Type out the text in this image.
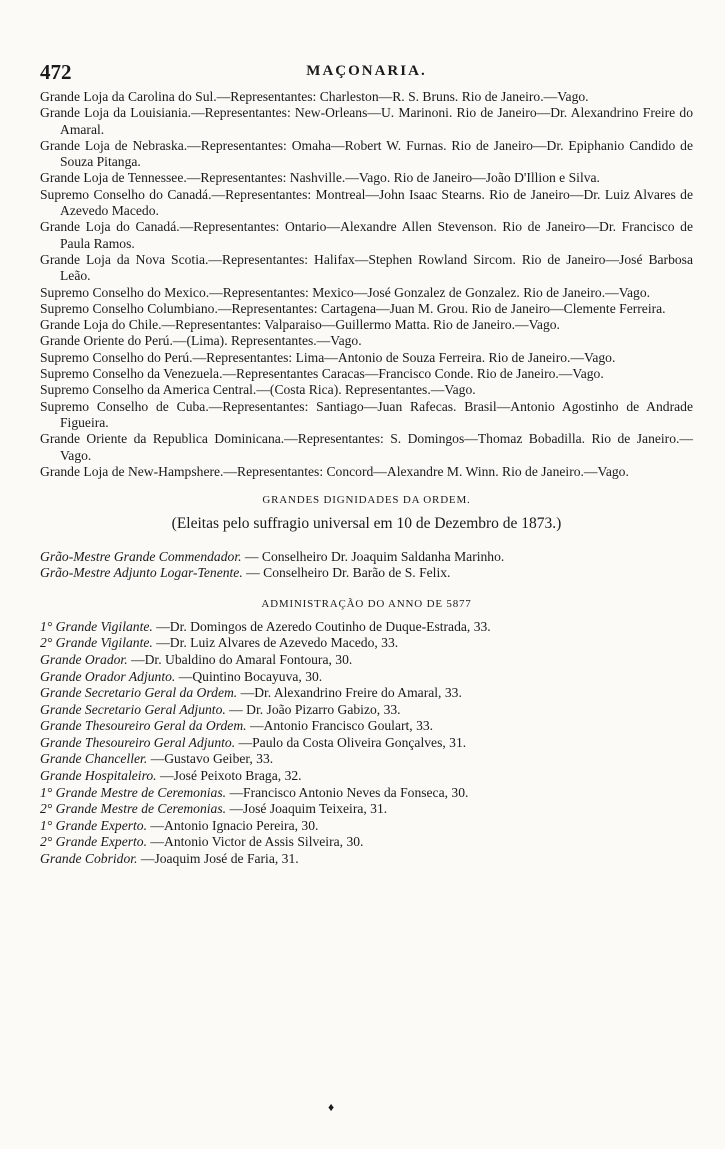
472	MAÇONARIA.

Grande Loja da Carolina do Sul.—Representantes: Charleston—R. S. Bruns. Rio de Janeiro.—Vago.

Grande Loja da Louisiania.—Representantes: New-Orleans—U. Marinoni. Rio de Janeiro—Dr. Alexandrino Freire do Amaral.

Grande Loja de Nebraska.—Representantes: Omaha—Robert W. Furnas. Rio de Janeiro—Dr. Epiphanio Candido de Souza Pitanga.

Grande Loja de Tennessee.—Representantes: Nashville.—Vago. Rio de Janeiro—João D'Illion e Silva.

Supremo Conselho do Canadá.—Representantes: Montreal—John Isaac Stearns. Rio de Janeiro—Dr. Luiz Alvares de Azevedo Macedo.

Grande Loja do Canadá.—Representantes: Ontario—Alexandre Allen Stevenson. Rio de Janeiro—Dr. Francisco de Paula Ramos.

Grande Loja da Nova Scotia.—Representantes: Halifax—Stephen Rowland Sircom. Rio de Janeiro—José Barbosa Leão.

Supremo Conselho do Mexico.—Representantes: Mexico—José Gonzalez de Gonzalez. Rio de Janeiro.—Vago.

Supremo Conselho Columbiano.—Representantes: Cartagena—Juan M. Grou. Rio de Janeiro—Clemente Ferreira.

Grande Loja do Chile.—Representantes: Valparaiso—Guillermo Matta. Rio de Janeiro.—Vago.

Grande Oriente do Perú.—(Lima). Representantes.—Vago.

Supremo Conselho do Perú.—Representantes: Lima—Antonio de Souza Ferreira. Rio de Janeiro.—Vago.

Supremo Conselho da Venezuela.—Representantes Caracas—Francisco Conde. Rio de Janeiro.—Vago.

Supremo Conselho da America Central.—(Costa Rica). Representantes.—Vago.

Supremo Conselho de Cuba.—Representantes: Santiago—Juan Rafecas. Brasil—Antonio Agostinho de Andrade Figueira.

Grande Oriente da Republica Dominicana.—Representantes: S. Domingos—Thomaz Bobadilla. Rio de Janeiro.—Vago.

Grande Loja de New-Hampshere.—Representantes: Concord—Alexandre M. Winn. Rio de Janeiro.—Vago.

GRANDES DIGNIDADES DA ORDEM.
(Eleitas pelo suffragio universal em 10 de Dezembro de 1873.)

Grão-Mestre Grande Commendador. — Conselheiro Dr. Joaquim Saldanha Marinho.

Grão-Mestre Adjunto Logar-Tenente. — Conselheiro Dr. Barão de S. Felix.

ADMINISTRAÇÃO DO ANNO DE 5877

1° Grande Vigilante. —Dr. Domingos de Azeredo Coutinho de Duque-Estrada, 33.

2° Grande Vigilante. —Dr. Luiz Alvares de Azevedo Macedo, 33.

Grande Orador. —Dr. Ubaldino do Amaral Fontoura, 30.

Grande Orador Adjunto. —Quintino Bocayuva, 30.

Grande Secretario Geral da Ordem. —Dr. Alexandrino Freire do Amaral, 33.

Grande Secretario Geral Adjunto. — Dr. João Pizarro Gabizo, 33.

Grande Thesoureiro Geral da Ordem. —Antonio Francisco Goulart, 33.

Grande Thesoureiro Geral Adjunto. —Paulo da Costa Oliveira Gonçalves, 31.

Grande Chanceller. —Gustavo Geiber, 33.

Grande Hospitaleiro. —José Peixoto Braga, 32.

1° Grande Mestre de Ceremonias. —Francisco Antonio Neves da Fonseca, 30.

2° Grande Mestre de Ceremonias. —José Joaquim Teixeira, 31.

1° Grande Experto. —Antonio Ignacio Pereira, 30.

2° Grande Experto. —Antonio Victor de Assis Silveira, 30.

Grande Cobridor. —Joaquim José de Faria, 31.

♦
